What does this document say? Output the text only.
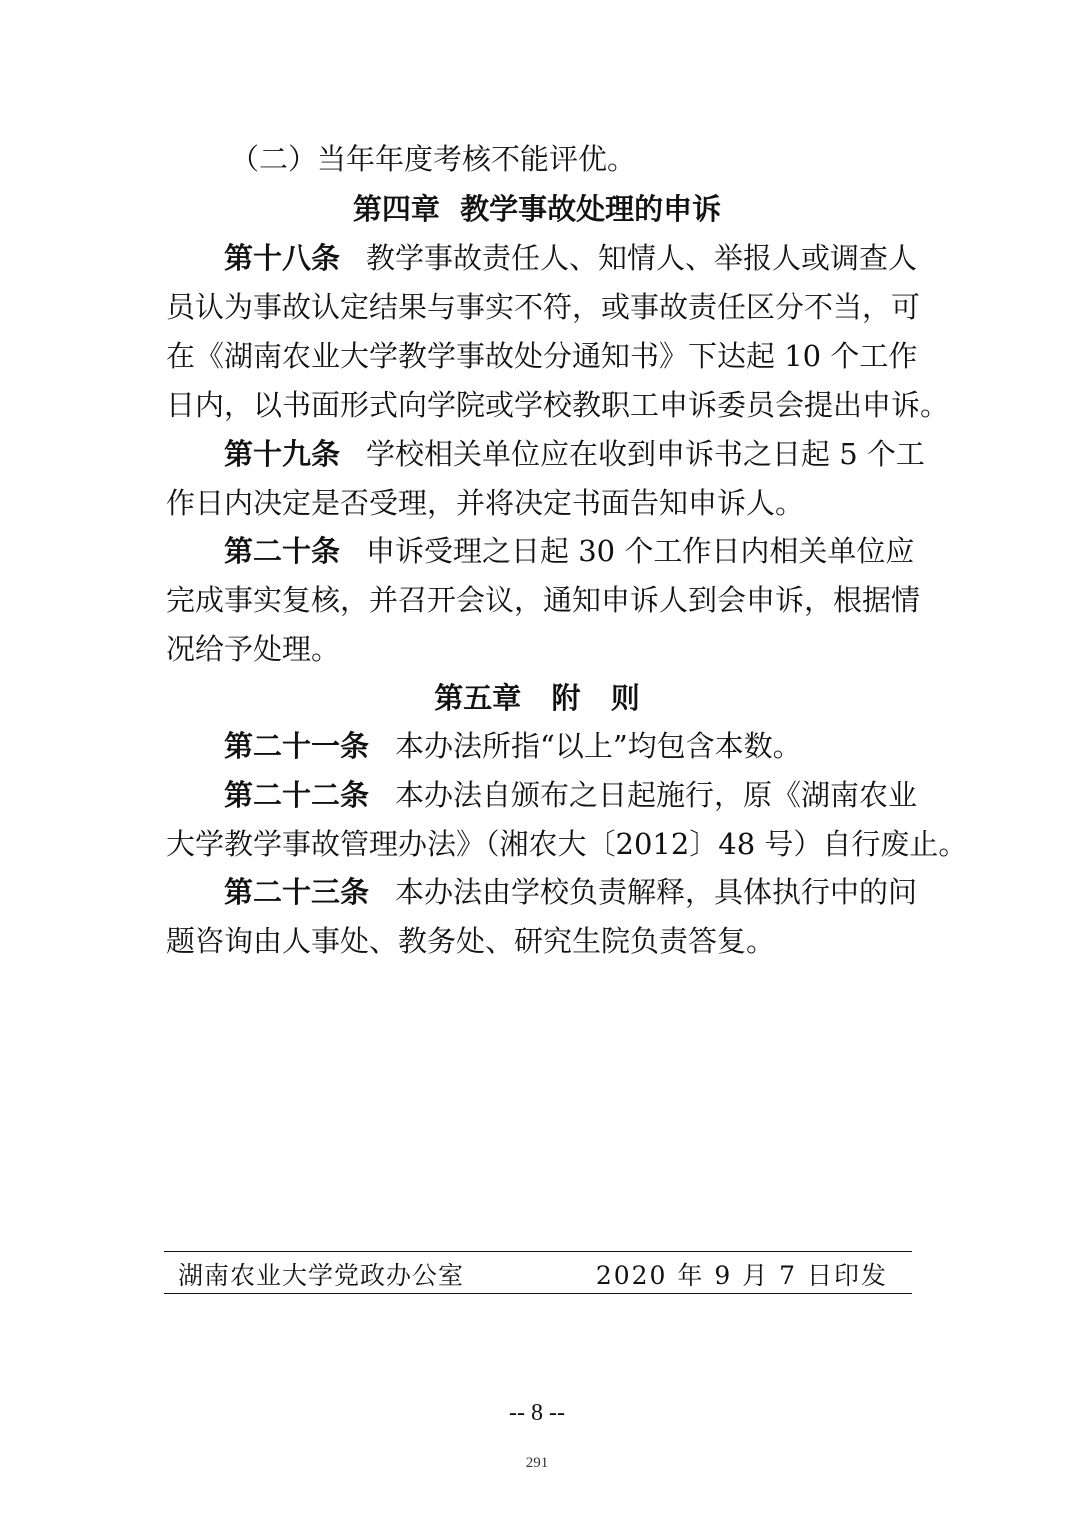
（二）当年年度考核不能评优。
第四章  教学事故处理的申诉
第十八条 教学事故责任人、知情人、举报人或调查人
员认为事故认定结果与事实不符，或事故责任区分不当，可
在《湖南农业大学教学事故处分通知书》下达起 10 个工作
日内，以书面形式向学院或学校教职工申诉委员会提出申诉。
第十九条 学校相关单位应在收到申诉书之日起 5 个工
作日内决定是否受理，并将决定书面告知申诉人。
第二十条 申诉受理之日起 30 个工作日内相关单位应
完成事实复核，并召开会议，通知申诉人到会申诉，根据情
况给予处理。
第五章   附   则
第二十一条 本办法所指“以上”均包含本数。
第二十二条 本办法自颁布之日起施行，原《湖南农业
大学教学事故管理办法》（湘农大〔2012〕48 号）自行废止。
第二十三条 本办法由学校负责解释，具体执行中的问
题咨询由人事处、教务处、研究生院负责答复。
湖南农业大学党政办公室	2020 年 9 月 7 日印发
-- 8 --
291
